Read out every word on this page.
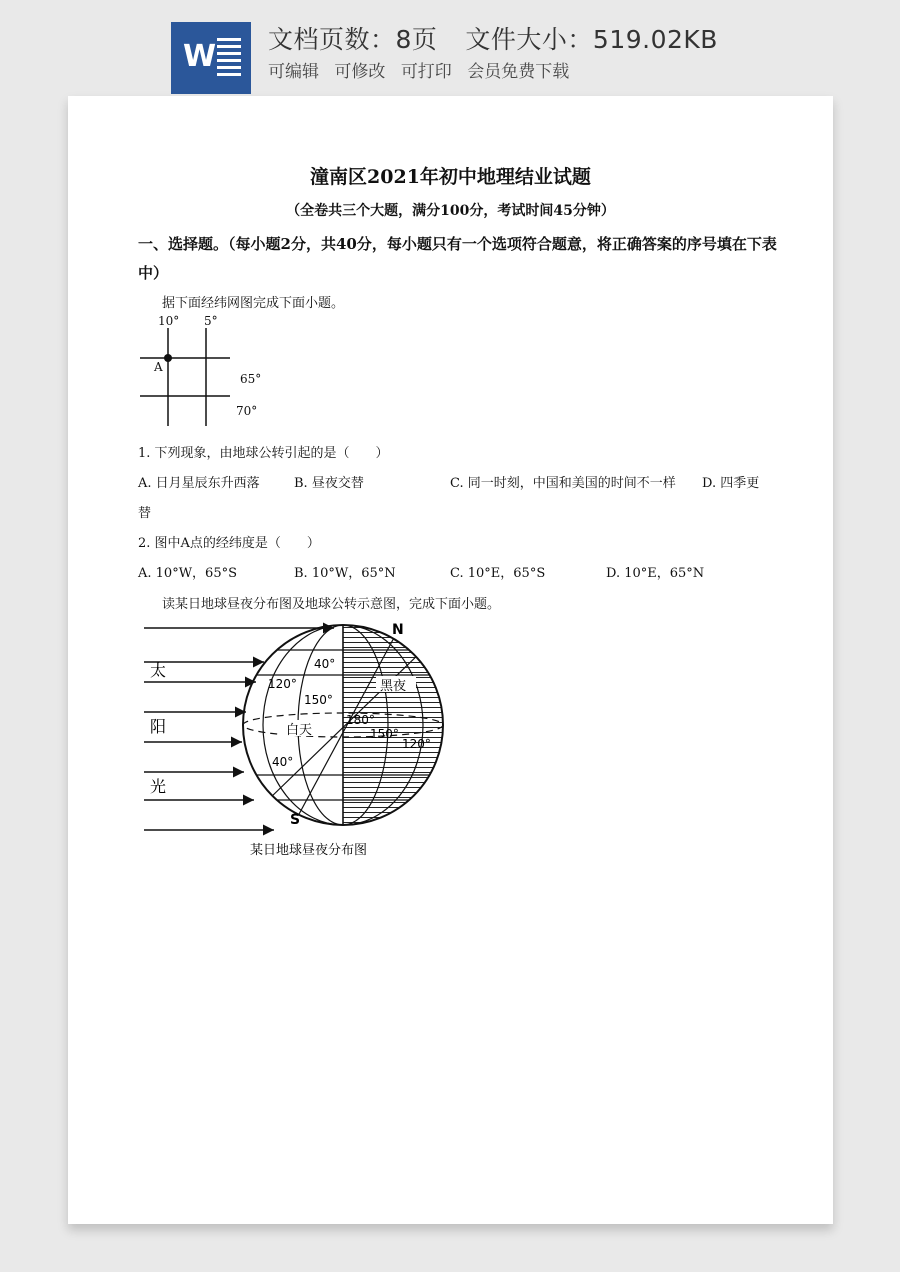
W 文档页数：8页 文件大小：519.02KB
可编辑 可修改 可打印 会员免费下载
潼南区2021年初中地理结业试题
（全卷共三个大题，满分100分，考试时间45分钟）
一、选择题。（每小题2分，共40分，每小题只有一个选项符合题意，将正确答案的序号填在下表中）
据下面经纬网图完成下面小题。
10° 5°
A
65°
70°
1. 下列现象，由地球公转引起的是（　　）
A. 日月星辰东升西落	B. 昼夜交替	C. 同一时刻，中国和美国的时间不一样 D. 四季更
替
2. 图中A点的经纬度是（　　）
A. 10°W，65°S	B. 10°W，65°N	C. 10°E，65°S	D. 10°E，65°N
读某日地球昼夜分布图及地球公转示意图，完成下面小题。
太
阳
光
N
S
黑夜
白天
40°
120°
150°
180°
150°
120°
40°
某日地球昼夜分布图
